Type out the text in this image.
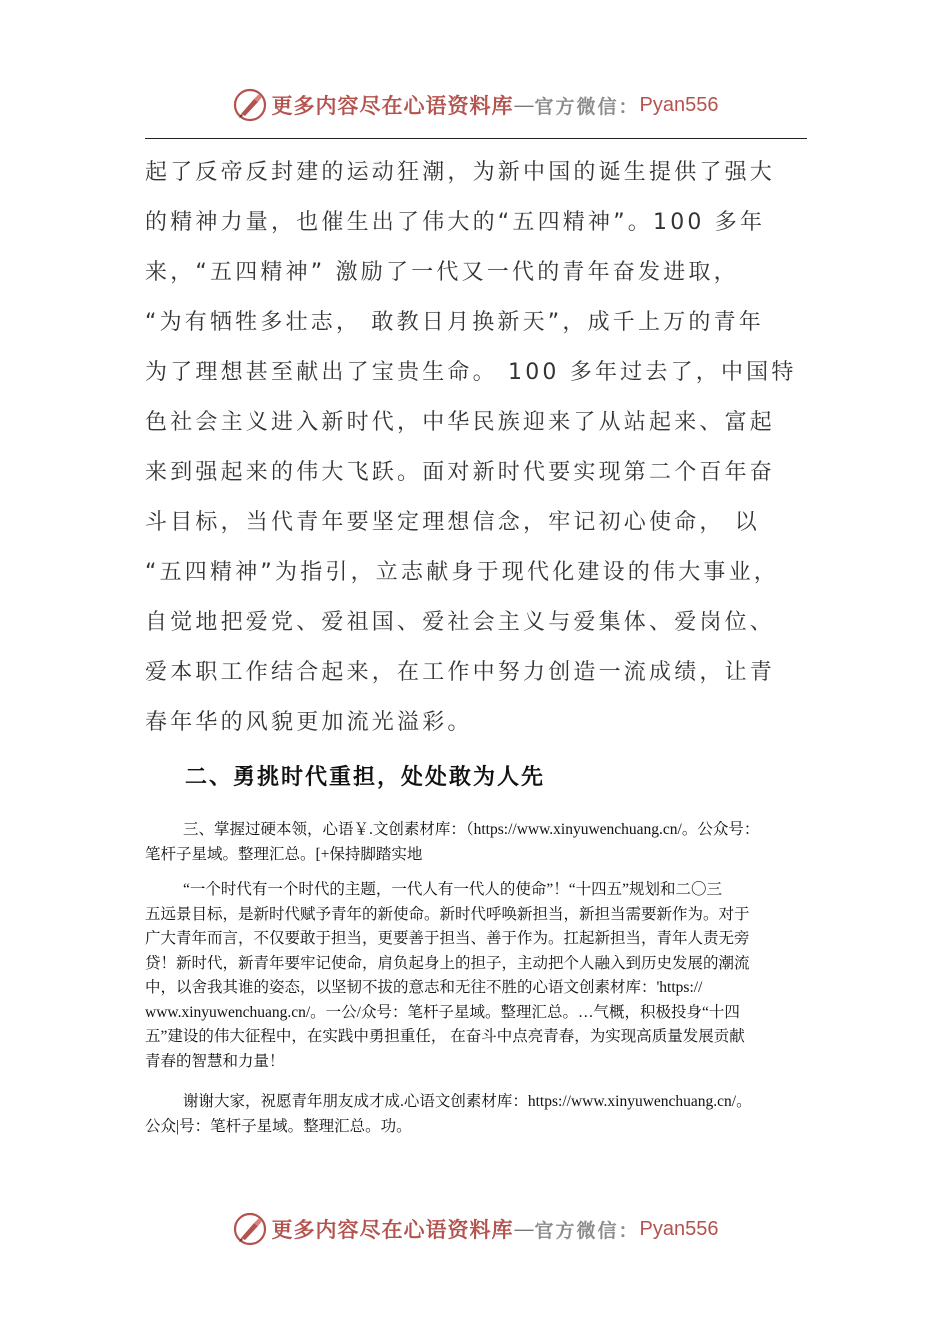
更多内容尽在心语资料库 — 官方微信： Pyan556
起了反帝反封建的运动狂潮，为新中国的诞生提供了强大
的精神力量，也催生出了伟大的“五四精神”。100 多年
来，“五四精神” 激励了一代又一代的青年奋发进取，
“为有牺牲多壮志， 敢教日月换新天”，成千上万的青年
为了理想甚至献出了宝贵生命。 100 多年过去了，中国特
色社会主义进入新时代，中华民族迎来了从站起来、富起
来到强起来的伟大飞跃。面对新时代要实现第二个百年奋
斗目标，当代青年要坚定理想信念，牢记初心使命， 以
“五四精神”为指引，立志献身于现代化建设的伟大事业，
自觉地把爱党、爱祖国、爱社会主义与爱集体、爱岗位、
爱本职工作结合起来，在工作中努力创造一流成绩，让青
春年华的风貌更加流光溢彩。
二、勇挑时代重担，处处敢为人先
三、掌握过硬本领，心语￥.文创素材库：（https://www.xinyuwenchuang.cn/。公众号：
笔杆子星域。整理汇总。[+保持脚踏实地
“一个时代有一个时代的主题，一代人有一代人的使命”！“十四五”规划和二〇三
五远景目标，是新时代赋予青年的新使命。新时代呼唤新担当，新担当需要新作为。对于
广大青年而言，不仅要敢于担当，更要善于担当、善于作为。扛起新担当，青年人责无旁
贷！新时代，新青年要牢记使命，肩负起身上的担子，主动把个人融入到历史发展的潮流
中，以舍我其谁的姿态，以坚韧不拔的意志和无往不胜的心语文创素材库：'https://
www.xinyuwenchuang.cn/。一公/众号：笔杆子星域。整理汇总。…气概，积极投身“十四
五”建设的伟大征程中，在实践中勇担重任， 在奋斗中点亮青春，为实现高质量发展贡献
青春的智慧和力量！
谢谢大家，祝愿青年朋友成才成.心语文创素材库：https://www.xinyuwenchuang.cn/。
公众|号：笔杆子星域。整理汇总。功。
更多内容尽在心语资料库 — 官方微信： Pyan556
